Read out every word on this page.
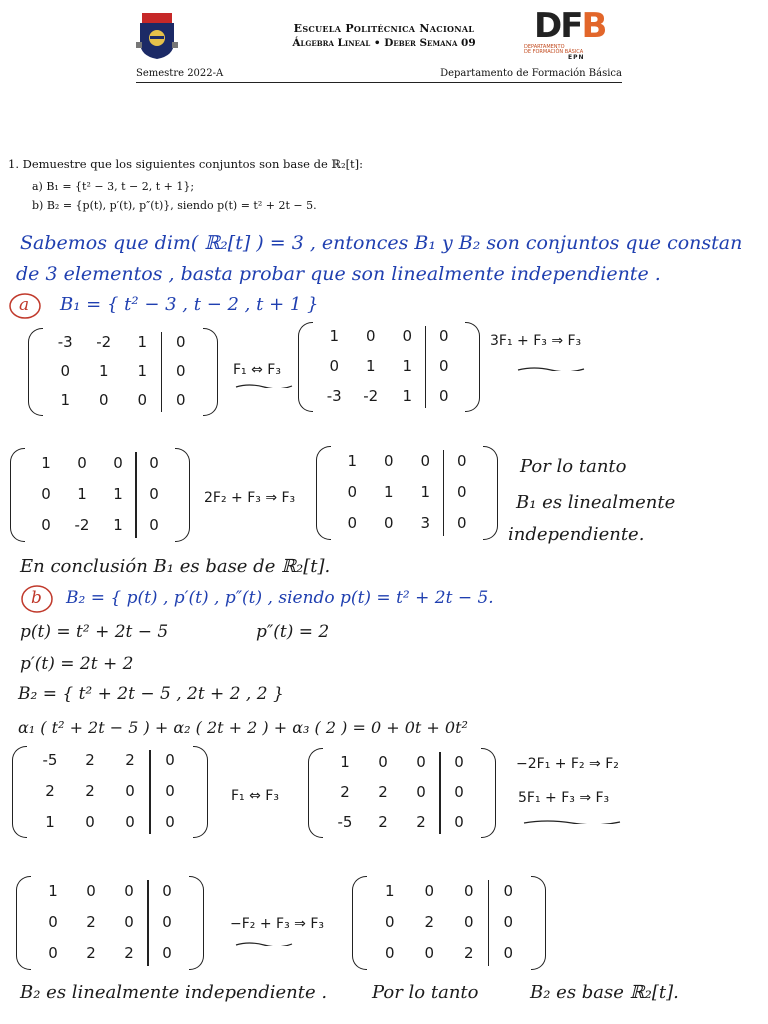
Escuela Politécnica Nacional
Álgebra Lineal • Deber Semana 09	DFB
DEPARTAMENTO
DE FORMACIÓN BÁSICA
EPN
Semestre 2022-A	Departamento de Formación Básica
1. Demuestre que los siguientes conjuntos son base de ℝ₂[t]:
a) B₁ = {t² − 3, t − 2, t + 1};
b) B₂ = {p(t), p′(t), p″(t)}, siendo p(t) = t² + 2t − 5.
Sabemos que dim( ℝ₂[t] ) = 3 , entonces B₁ y B₂ son conjuntos que constan
de 3 elementos , basta probar que son linealmente independiente .
a B₁ = { t² − 3 , t − 2 , t + 1 }
-3	-2	1	0
0	1	1	0
1	0	0	0
F₁ ⇔ F₃
1	0	0	0
0	1	1	0
-3	-2	1	0
3F₁ + F₃ ⇒ F₃
1	0	0	0
0	1	1	0
0	-2	1	0
2F₂ + F₃ ⇒ F₃
1	0	0	0
0	1	1	0
0	0	3	0
Por lo tanto
B₁ es linealmente
independiente.
En conclusión B₁ es base de ℝ₂[t].
b B₂ = { p(t) , p′(t) , p″(t) , siendo p(t) = t² + 2t − 5.
p(t) = t² + 2t − 5	p″(t) = 2
p′(t) = 2t + 2
B₂ = { t² + 2t − 5 , 2t + 2 , 2 }
α₁ ( t² + 2t − 5 ) + α₂ ( 2t + 2 ) + α₃ ( 2 ) = 0 + 0t + 0t²
-5	2	2	0
2	2	0	0
1	0	0	0
F₁ ⇔ F₃
1	0	0	0
2	2	0	0
-5	2	2	0
−2F₁ + F₂ ⇒ F₂
5F₁ + F₃ ⇒ F₃
1	0	0	0
0	2	0	0
0	2	2	0
−F₂ + F₃ ⇒ F₃
1	0	0	0
0	2	0	0
0	0	2	0
B₂ es linealmente independiente . Por lo tanto	B₂ es base ℝ₂[t].
